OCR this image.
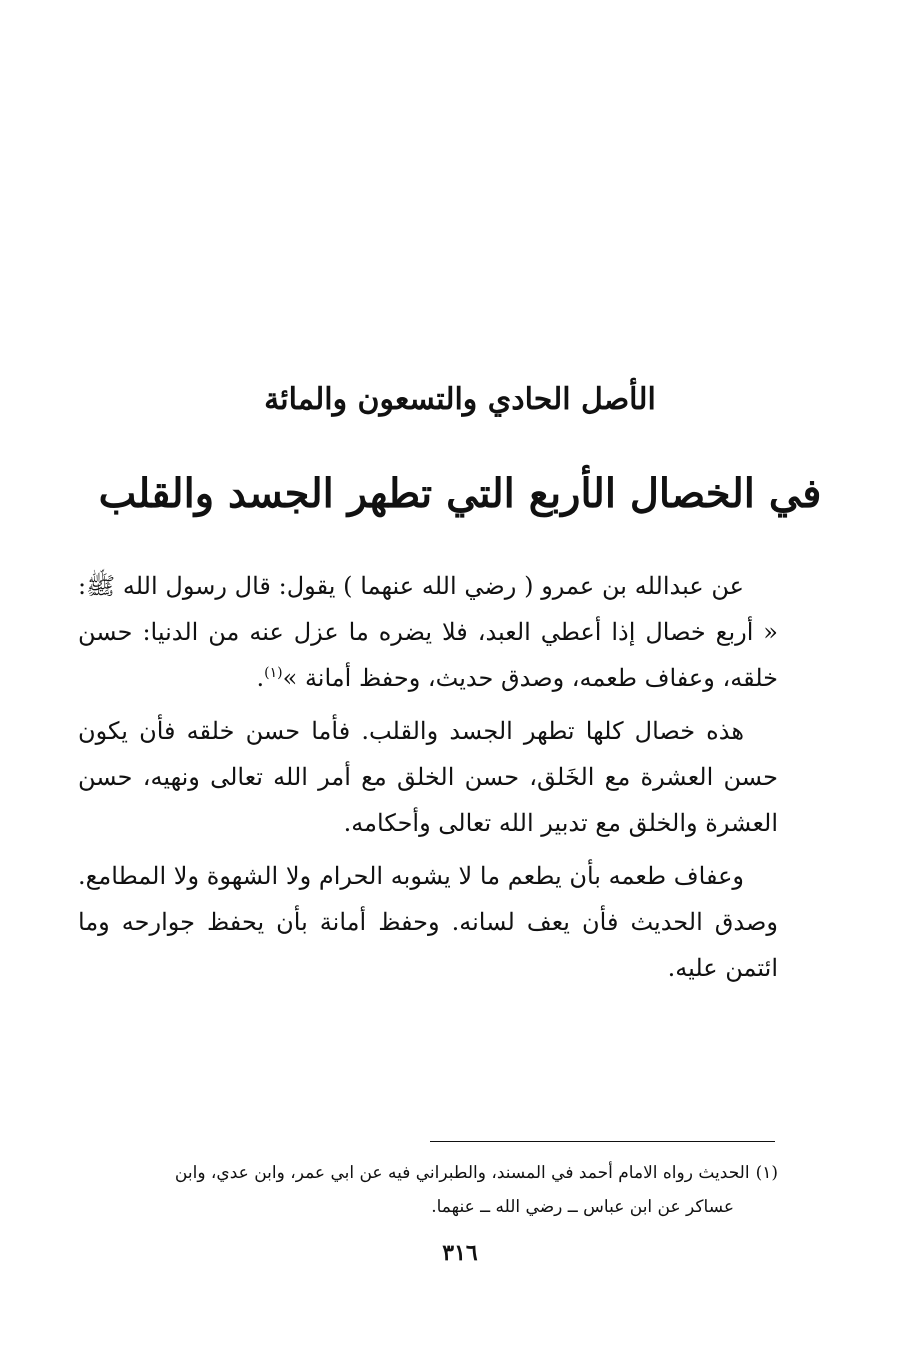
الأصل الحادي والتسعون والمائة
في الخصال الأربع التي تطهر الجسد والقلب

عن عبدالله بن عمرو ( رضي الله عنهما ) يقول: قال رسول الله ﷺ: « أربع خصال إذا أعطي العبد، فلا يضره ما عزل عنه من الدنيا: حسن خلقه، وعفاف طعمه، وصدق حديث، وحفظ أمانة »$^{(١)}$.

هذه خصال كلها تطهر الجسد والقلب. فأما حسن خلقه فأن يكون حسن العشرة مع الخَلق، حسن الخلق مع أمر الله تعالى ونهيه، حسن العشرة والخلق مع تدبير الله تعالى وأحكامه.

وعفاف طعمه بأن يطعم ما لا يشوبه الحرام ولا الشهوة ولا المطامع. وصدق الحديث فأن يعف لسانه. وحفظ أمانة بأن يحفظ جوارحه وما ائتمن عليه.

(١)الحديث رواه الامام أحمد في المسند، والطبراني فيه عن ابي عمر، وابن عدي، وابن
عساكر عن ابن عباس ــ رضي الله ــ عنهما.
٣١٦
